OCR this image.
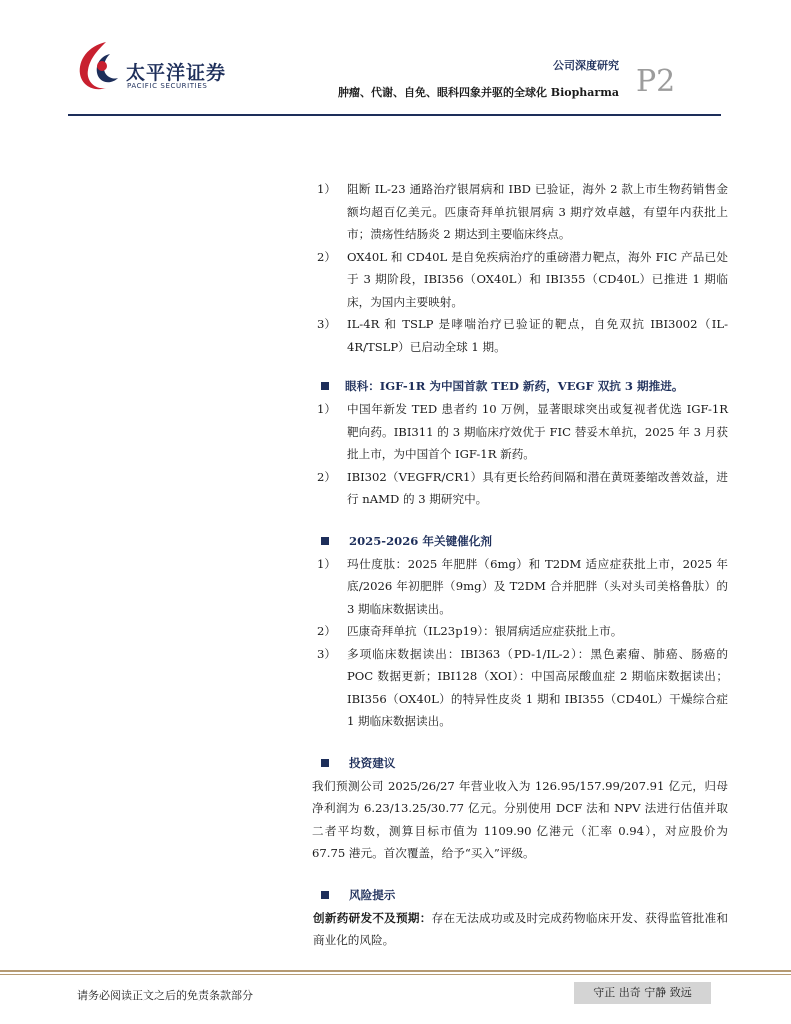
太平洋证券
PACIFIC SECURITIES
公司深度研究
肿瘤、代谢、自免、眼科四象并驱的全球化 Biopharma P2
1） 阻断 IL-23 通路治疗银屑病和 IBD 已验证，海外 2 款上市生物药销售金额均超百亿美元。匹康奇拜单抗银屑病 3 期疗效卓越，有望年内获批上市；溃疡性结肠炎 2 期达到主要临床终点。
2） OX40L 和 CD40L 是自免疾病治疗的重磅潜力靶点，海外 FIC 产品已处于 3 期阶段，IBI356（OX40L）和 IBI355（CD40L）已推进 1 期临床，为国内主要映射。
3） IL-4R 和 TSLP 是哮喘治疗已验证的靶点，自免双抗 IBI3002（IL-4R/TSLP）已启动全球 1 期。
眼科：IGF-1R 为中国首款 TED 新药，VEGF 双抗 3 期推进。
1） 中国年新发 TED 患者约 10 万例，显著眼球突出或复视者优选 IGF-1R 靶向药。IBI311 的 3 期临床疗效优于 FIC 替妥木单抗，2025 年 3 月获批上市，为中国首个 IGF-1R 新药。
2） IBI302（VEGFR/CR1）具有更长给药间隔和潜在黄斑萎缩改善效益，进行 nAMD 的 3 期研究中。
2025-2026 年关键催化剂
1） 玛仕度肽：2025 年肥胖（6mg）和 T2DM 适应症获批上市，2025 年底/2026 年初肥胖（9mg）及 T2DM 合并肥胖（头对头司美格鲁肽）的 3 期临床数据读出。
2） 匹康奇拜单抗（IL23p19）：银屑病适应症获批上市。
3） 多项临床数据读出：IBI363（PD-1/IL-2）：黑色素瘤、肺癌、肠癌的 POC 数据更新；IBI128（XOI）：中国高尿酸血症 2 期临床数据读出；IBI356（OX40L）的特异性皮炎 1 期和 IBI355（CD40L）干燥综合症 1 期临床数据读出。
投资建议

我们预测公司 2025/26/27 年营业收入为 126.95/157.99/207.91 亿元，归母净利润为 6.23/13.25/30.77 亿元。分别使用 DCF 法和 NPV 法进行估值并取二者平均数，测算目标市值为 1109.90 亿港元（汇率 0.94），对应股价为 67.75 港元。首次覆盖，给予“买入”评级。

风险提示

创新药研发不及预期：存在无法成功或及时完成药物临床开发、获得监管批准和商业化的风险。

请务必阅读正文之后的免责条款部分	守正 出奇 宁静 致远
